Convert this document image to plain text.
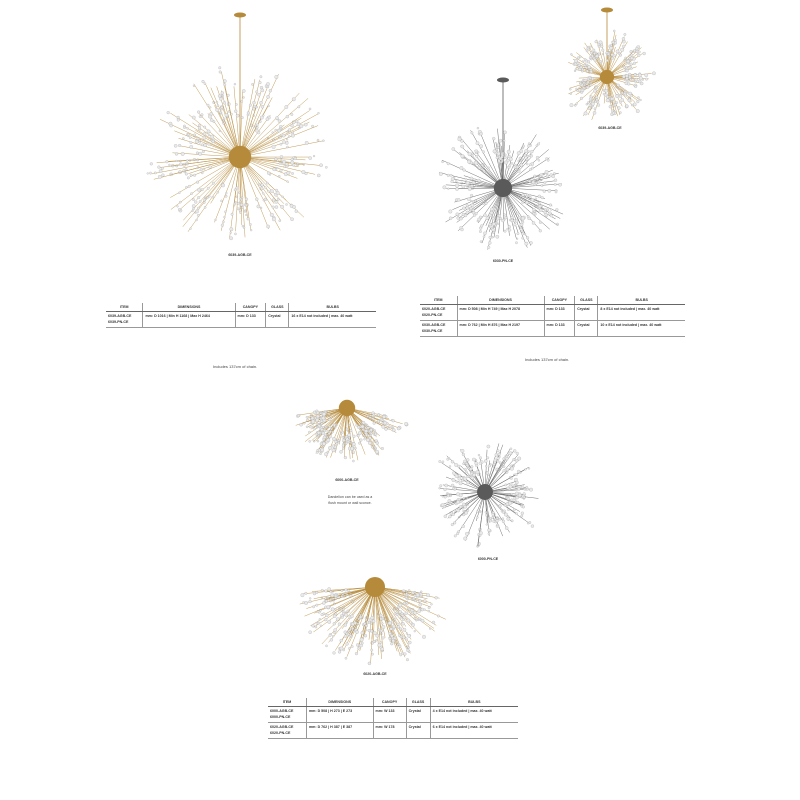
6039-AGB-CE
6030-PN-CE
6039-AGB-CE
ITEM	DIMENSIONS	CANOPY	GLASS	BULBS

6039-AGB-CE
6039-PN-CE	mm: D 1016 | Min H 1168 | Max H 2464	mm: D 133	Crystal	16 x E14 not included | max. 40 watt
Includes 137cm of chain.
ITEM	DIMENSIONS	CANOPY	GLASS	BULBS

6020-AGB-CE
6020-PN-CE	mm: D 508 | Min H 749 | Max H 2078	mm: D 133	Crystal	8 x E14 not included | max. 40 watt

6030-AGB-CE
6030-PN-CE	mm: D 762 | Min H 876 | Max H 2197	mm: D 133	Crystal	10 x E14 not included | max. 40 watt
Includes 137cm of chain.
6000-AGB-CE
Dandelion can be used as a
flush mount or wall sconce.
6000-PN-CE
6020-AGB-CE
ITEM	DIMENSIONS	CANOPY	GLASS	BULBS

6000-AGB-CE
6000-PN-CE	mm: D 508 | H 273 | E 273	mm: W 133	Crystal	4 x E14 not included | max. 40 watt

6020-AGB-CE
6020-PN-CE	mm: D 762 | H 387 | E 387	mm: W 178	Crystal	6 x E14 not included | max. 40 watt
